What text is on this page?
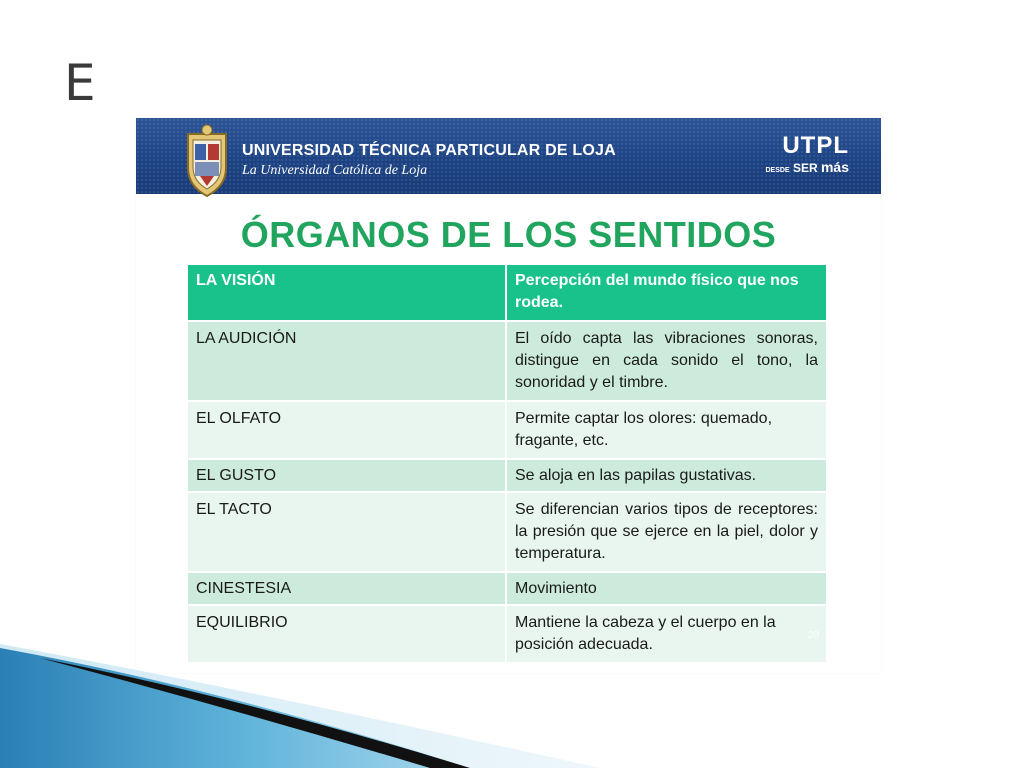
E
UNIVERSIDAD TÉCNICA PARTICULAR DE LOJA
La Universidad Católica de Loja
UTPL
DESDE SER más
ÓRGANOS DE LOS SENTIDOS
LA VISIÓN	Percepción del mundo físico que nos rodea.
LA AUDICIÓN	El oído capta las vibraciones sonoras, distingue en cada sonido el tono, la sonoridad y el timbre.
EL OLFATO	Permite captar los olores: quemado, fragante, etc.
EL GUSTO	Se aloja en las papilas gustativas.
EL TACTO	Se diferencian varios tipos de receptores: la presión que se ejerce en la piel, dolor y temperatura.
CINESTESIA	Movimiento
EQUILIBRIO	Mantiene la cabeza y el cuerpo en la posición adecuada.
20
